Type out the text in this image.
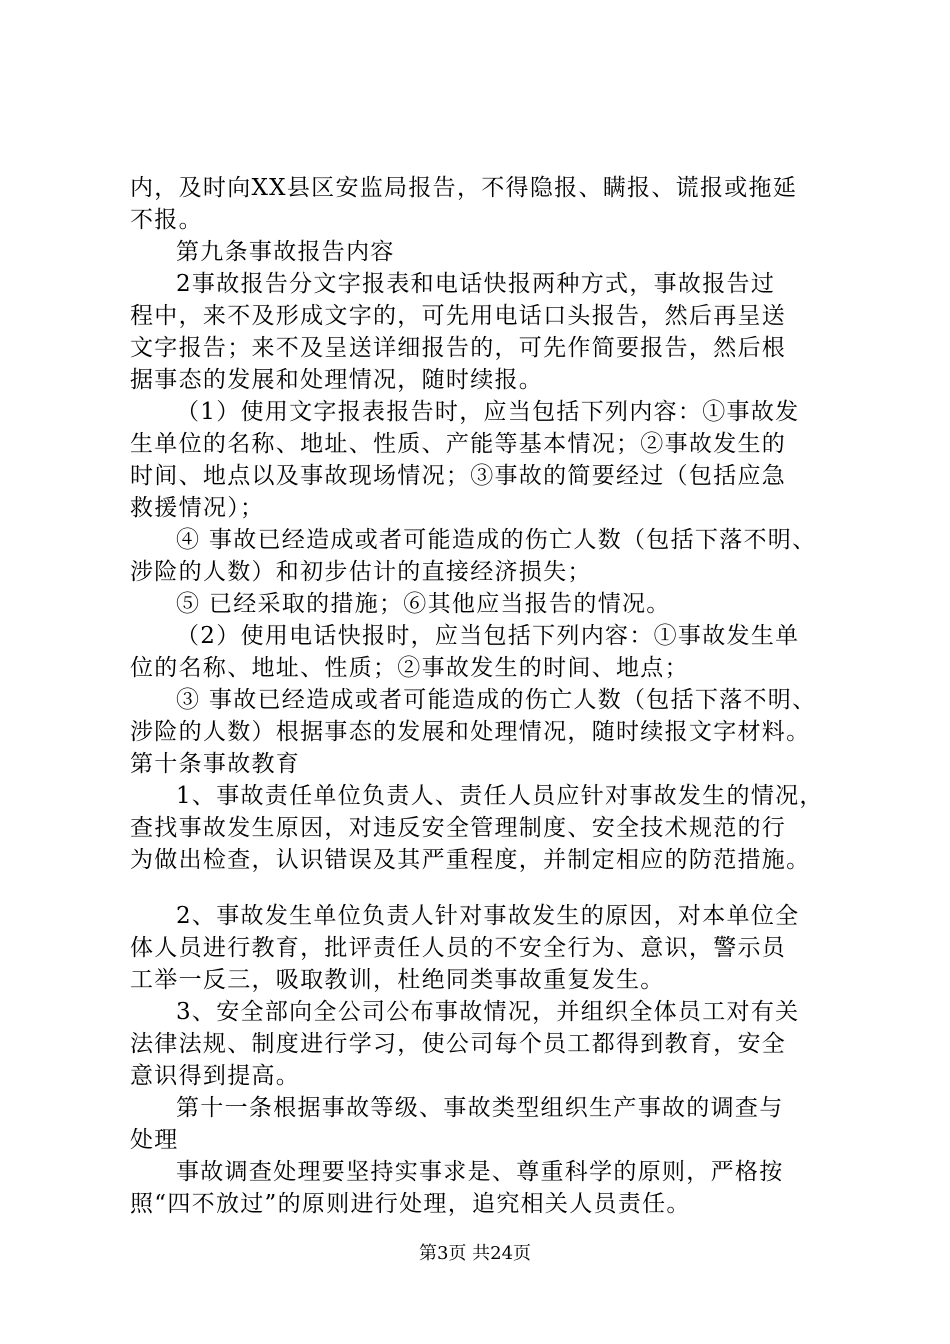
内，及时向XX县区安监局报告，不得隐报、瞒报、谎报或拖延
不报。
第九条事故报告内容
2事故报告分文字报表和电话快报两种方式，事故报告过
程中，来不及形成文字的，可先用电话口头报告，然后再呈送
文字报告；来不及呈送详细报告的，可先作简要报告，然后根
据事态的发展和处理情况，随时续报。
（1）使用文字报表报告时，应当包括下列内容：①事故发
生单位的名称、地址、性质、产能等基本情况；②事故发生的
时间、地点以及事故现场情况；③事故的简要经过（包括应急
救援情况）；
④ 事故已经造成或者可能造成的伤亡人数（包括下落不明、
涉险的人数）和初步估计的直接经济损失；
⑤ 已经采取的措施；⑥其他应当报告的情况。
（2）使用电话快报时，应当包括下列内容：①事故发生单
位的名称、地址、性质；②事故发生的时间、地点；
③ 事故已经造成或者可能造成的伤亡人数（包括下落不明、
涉险的人数）根据事态的发展和处理情况，随时续报文字材料。
第十条事故教育
1、事故责任单位负责人、责任人员应针对事故发生的情况，
查找事故发生原因，对违反安全管理制度、安全技术规范的行
为做出检查，认识错误及其严重程度，并制定相应的防范措施。
2、事故发生单位负责人针对事故发生的原因，对本单位全
体人员进行教育，批评责任人员的不安全行为、意识，警示员
工举一反三，吸取教训，杜绝同类事故重复发生。
3、安全部向全公司公布事故情况，并组织全体员工对有关
法律法规、制度进行学习，使公司每个员工都得到教育，安全
意识得到提高。
第十一条根据事故等级、事故类型组织生产事故的调查与
处理
事故调查处理要坚持实事求是、尊重科学的原则，严格按
照“四不放过”的原则进行处理，追究相关人员责任。
第3页 共24页
